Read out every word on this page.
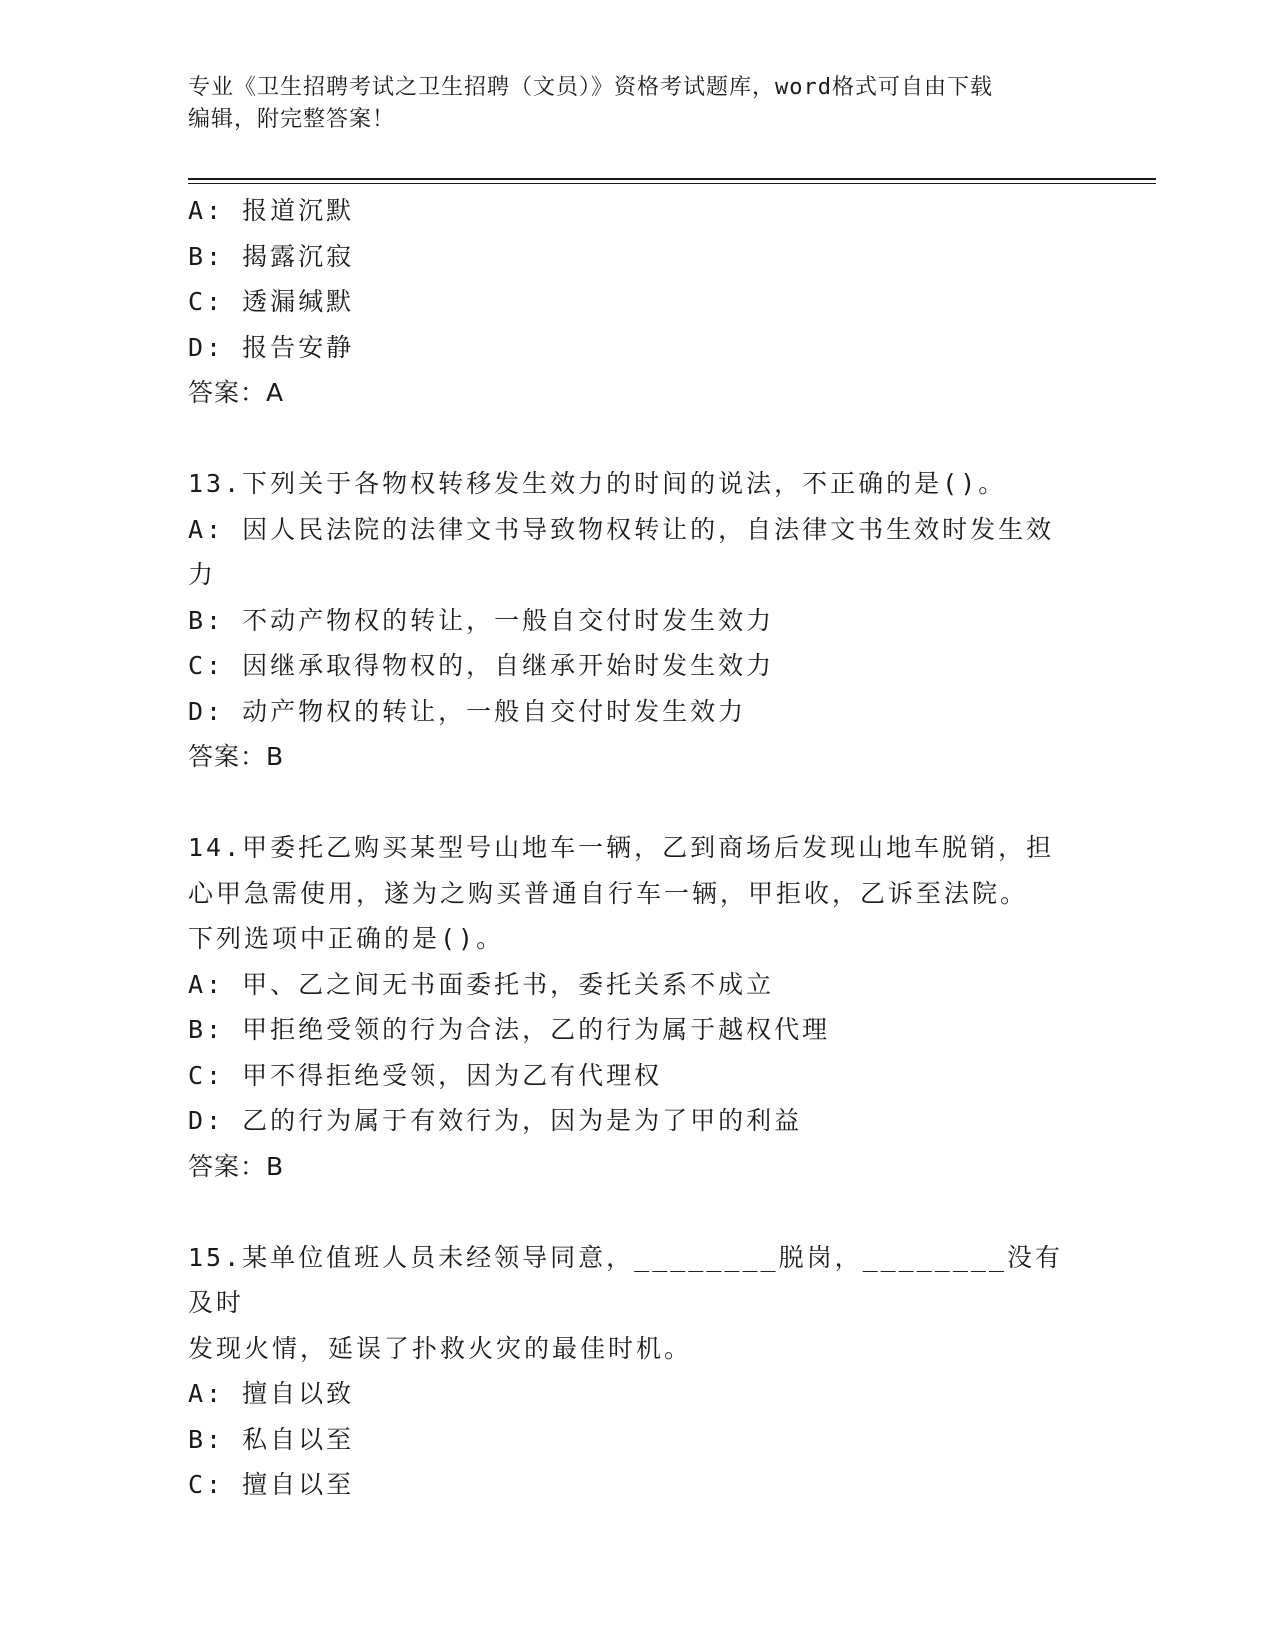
专业《卫生招聘考试之卫生招聘（文员）》资格考试题库，word格式可自由下载
编辑，附完整答案！
A: 报道沉默
B: 揭露沉寂
C: 透漏缄默
D: 报告安静
答案：A
13.下列关于各物权转移发生效力的时间的说法，不正确的是()。
A: 因人民法院的法律文书导致物权转让的，自法律文书生效时发生效
力
B: 不动产物权的转让，一般自交付时发生效力
C: 因继承取得物权的，自继承开始时发生效力
D: 动产物权的转让，一般自交付时发生效力
答案：B
14.甲委托乙购买某型号山地车一辆，乙到商场后发现山地车脱销，担
心甲急需使用，遂为之购买普通自行车一辆，甲拒收，乙诉至法院。
下列选项中正确的是()。
A: 甲、乙之间无书面委托书，委托关系不成立
B: 甲拒绝受领的行为合法，乙的行为属于越权代理
C: 甲不得拒绝受领，因为乙有代理权
D: 乙的行为属于有效行为，因为是为了甲的利益
答案：B
15.某单位值班人员未经领导同意，________脱岗，________没有及时
发现火情，延误了扑救火灾的最佳时机。
A: 擅自以致
B: 私自以至
C: 擅自以至
